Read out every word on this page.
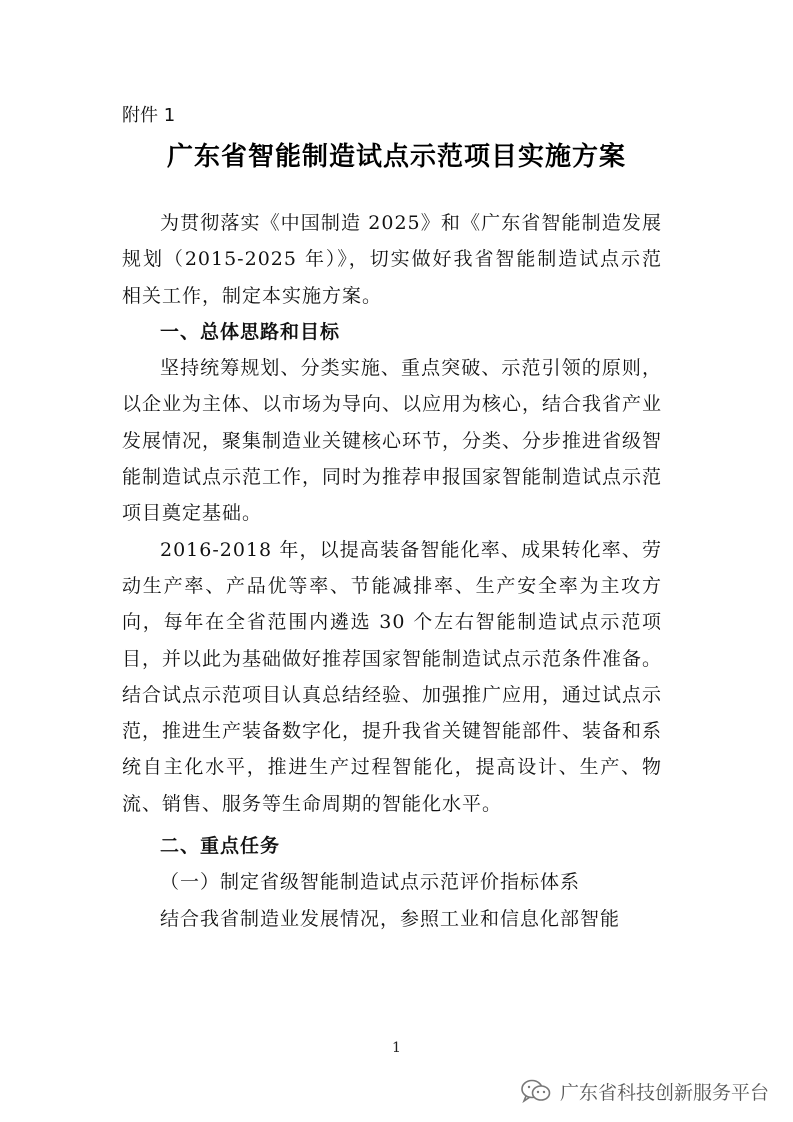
附件 1
广东省智能制造试点示范项目实施方案

为贯彻落实《中国制造 2025》和《广东省智能制造发展规划（2015-2025 年）》，切实做好我省智能制造试点示范相关工作，制定本实施方案。

一、总体思路和目标

坚持统筹规划、分类实施、重点突破、示范引领的原则，以企业为主体、以市场为导向、以应用为核心，结合我省产业发展情况，聚集制造业关键核心环节，分类、分步推进省级智能制造试点示范工作，同时为推荐申报国家智能制造试点示范项目奠定基础。

2016-2018 年，以提高装备智能化率、成果转化率、劳动生产率、产品优等率、节能减排率、生产安全率为主攻方向，每年在全省范围内遴选 30 个左右智能制造试点示范项目，并以此为基础做好推荐国家智能制造试点示范条件准备。结合试点示范项目认真总结经验、加强推广应用，通过试点示范，推进生产装备数字化，提升我省关键智能部件、装备和系统自主化水平，推进生产过程智能化，提高设计、生产、物流、销售、服务等生命周期的智能化水平。

二、重点任务

（一）制定省级智能制造试点示范评价指标体系

结合我省制造业发展情况，参照工业和信息化部智能

1
广东省科技创新服务平台
